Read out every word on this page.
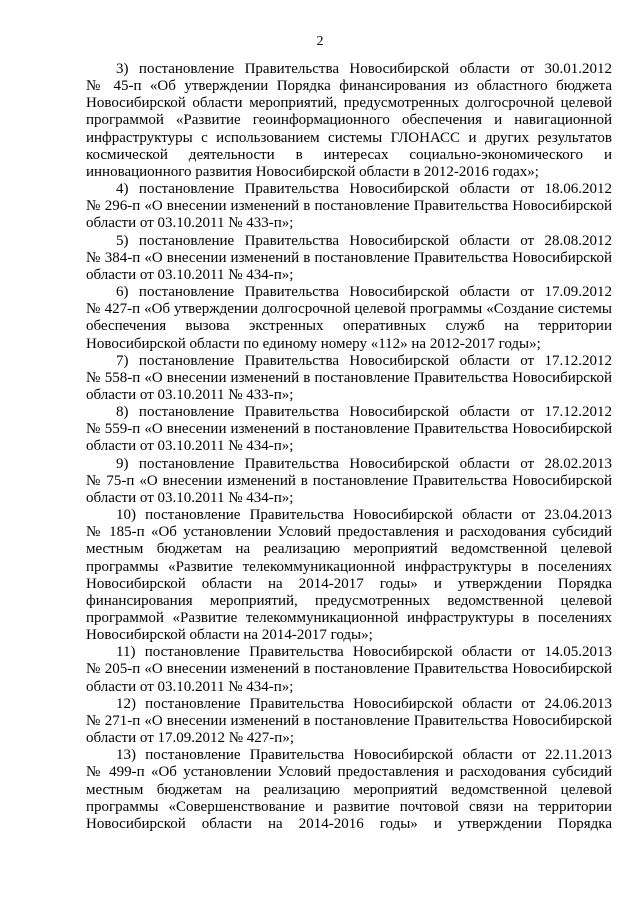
2
3) постановление Правительства Новосибирской области от 30.01.2012
№ 45-п «Об утверждении Порядка финансирования из областного бюджета
Новосибирской области мероприятий, предусмотренных долгосрочной целевой
программой «Развитие геоинформационного обеспечения и навигационной
инфраструктуры с использованием системы ГЛОНАСС и других результатов
космической деятельности в интересах социально-экономического и
инновационного развития Новосибирской области в 2012-2016 годах»;
4) постановление Правительства Новосибирской области от 18.06.2012
№ 296-п «О внесении изменений в постановление Правительства Новосибирской
области от 03.10.2011 № 433-п»;
5) постановление Правительства Новосибирской области от 28.08.2012
№ 384-п «О внесении изменений в постановление Правительства Новосибирской
области от 03.10.2011 № 434-п»;
6) постановление Правительства Новосибирской области от 17.09.2012
№ 427-п «Об утверждении долгосрочной целевой программы «Создание системы
обеспечения вызова экстренных оперативных служб на территории
Новосибирской области по единому номеру «112» на 2012-2017 годы»;
7) постановление Правительства Новосибирской области от 17.12.2012
№ 558-п «О внесении изменений в постановление Правительства Новосибирской
области от 03.10.2011 № 433-п»;
8) постановление Правительства Новосибирской области от 17.12.2012
№ 559-п «О внесении изменений в постановление Правительства Новосибирской
области от 03.10.2011 № 434-п»;
9) постановление Правительства Новосибирской области от 28.02.2013
№ 75-п «О внесении изменений в постановление Правительства Новосибирской
области от 03.10.2011 № 434-п»;
10) постановление Правительства Новосибирской области от 23.04.2013
№ 185-п «Об установлении Условий предоставления и расходования субсидий
местным бюджетам на реализацию мероприятий ведомственной целевой
программы «Развитие телекоммуникационной инфраструктуры в поселениях
Новосибирской области на 2014-2017 годы» и утверждении Порядка
финансирования мероприятий, предусмотренных ведомственной целевой
программой «Развитие телекоммуникационной инфраструктуры в поселениях
Новосибирской области на 2014-2017 годы»;
11) постановление Правительства Новосибирской области от 14.05.2013
№ 205-п «О внесении изменений в постановление Правительства Новосибирской
области от 03.10.2011 № 434-п»;
12) постановление Правительства Новосибирской области от 24.06.2013
№ 271-п «О внесении изменений в постановление Правительства Новосибирской
области от 17.09.2012 № 427-п»;
13) постановление Правительства Новосибирской области от 22.11.2013
№ 499-п «Об установлении Условий предоставления и расходования субсидий
местным бюджетам на реализацию мероприятий ведомственной целевой
программы «Совершенствование и развитие почтовой связи на территории
Новосибирской области на 2014-2016 годы» и утверждении Порядка
